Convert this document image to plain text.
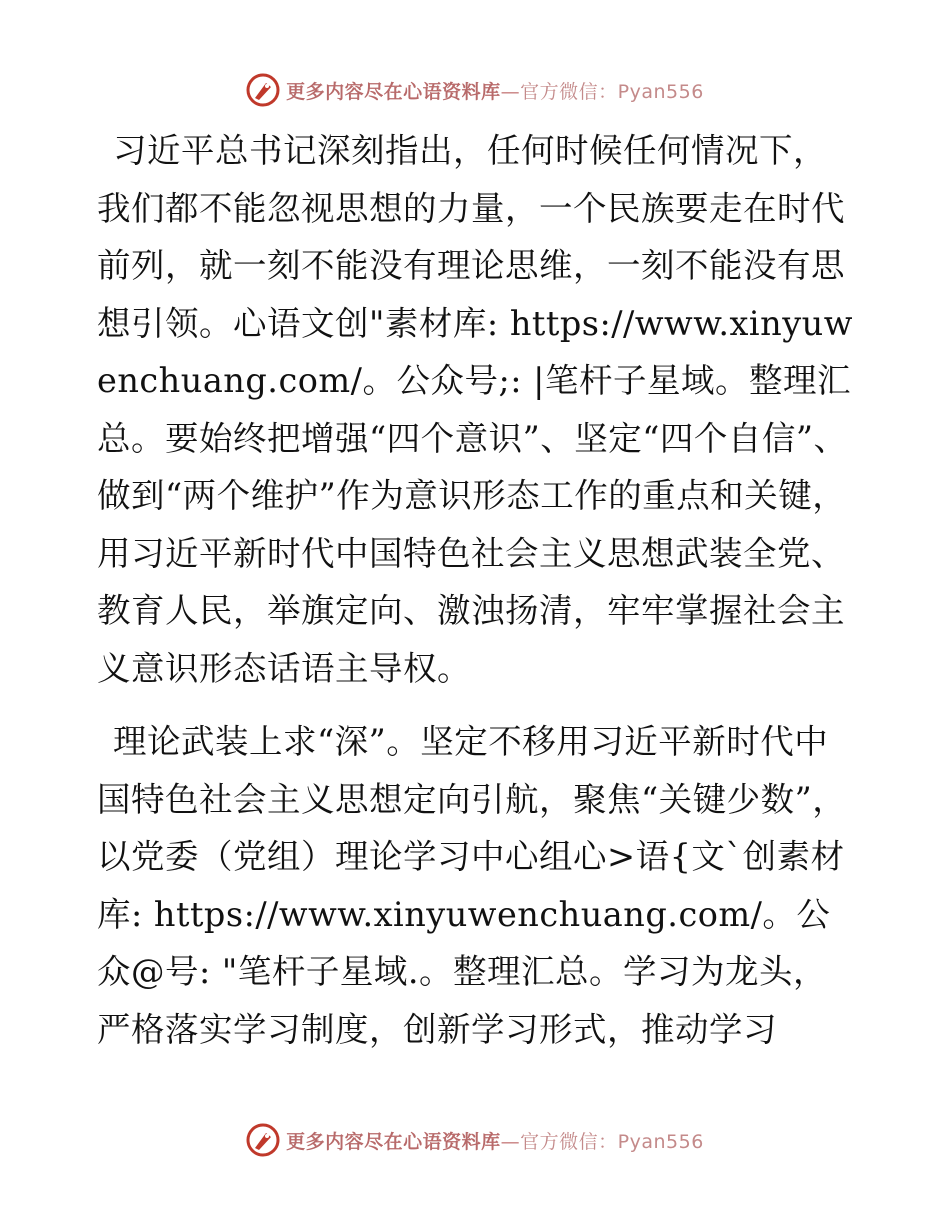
更多内容尽在心语资料库—官方微信：Pyan556

习近平总书记深刻指出，任何时候任何情况下，我们都不能忽视思想的力量，一个民族要走在时代前列，就一刻不能没有理论思维，一刻不能没有思想引领。心语文创"素材库: https://www.xinyuwenchuang.com/。公众号;: |笔杆子星域。整理汇总。要始终把增强“四个意识”、坚定“四个自信”、做到“两个维护”作为意识形态工作的重点和关键，用习近平新时代中国特色社会主义思想武装全党、教育人民，举旗定向、激浊扬清，牢牢掌握社会主义意识形态话语主导权。

理论武装上求“深”。坚定不移用习近平新时代中国特色社会主义思想定向引航，聚焦“关键少数”，以党委（党组）理论学习中心组心>语{文`创素材库: https://www.xinyuwenchuang.com/。公众@号: "笔杆子星域.。整理汇总。学习为龙头，严格落实学习制度，创新学习形式，推动学习

更多内容尽在心语资料库—官方微信：Pyan556
